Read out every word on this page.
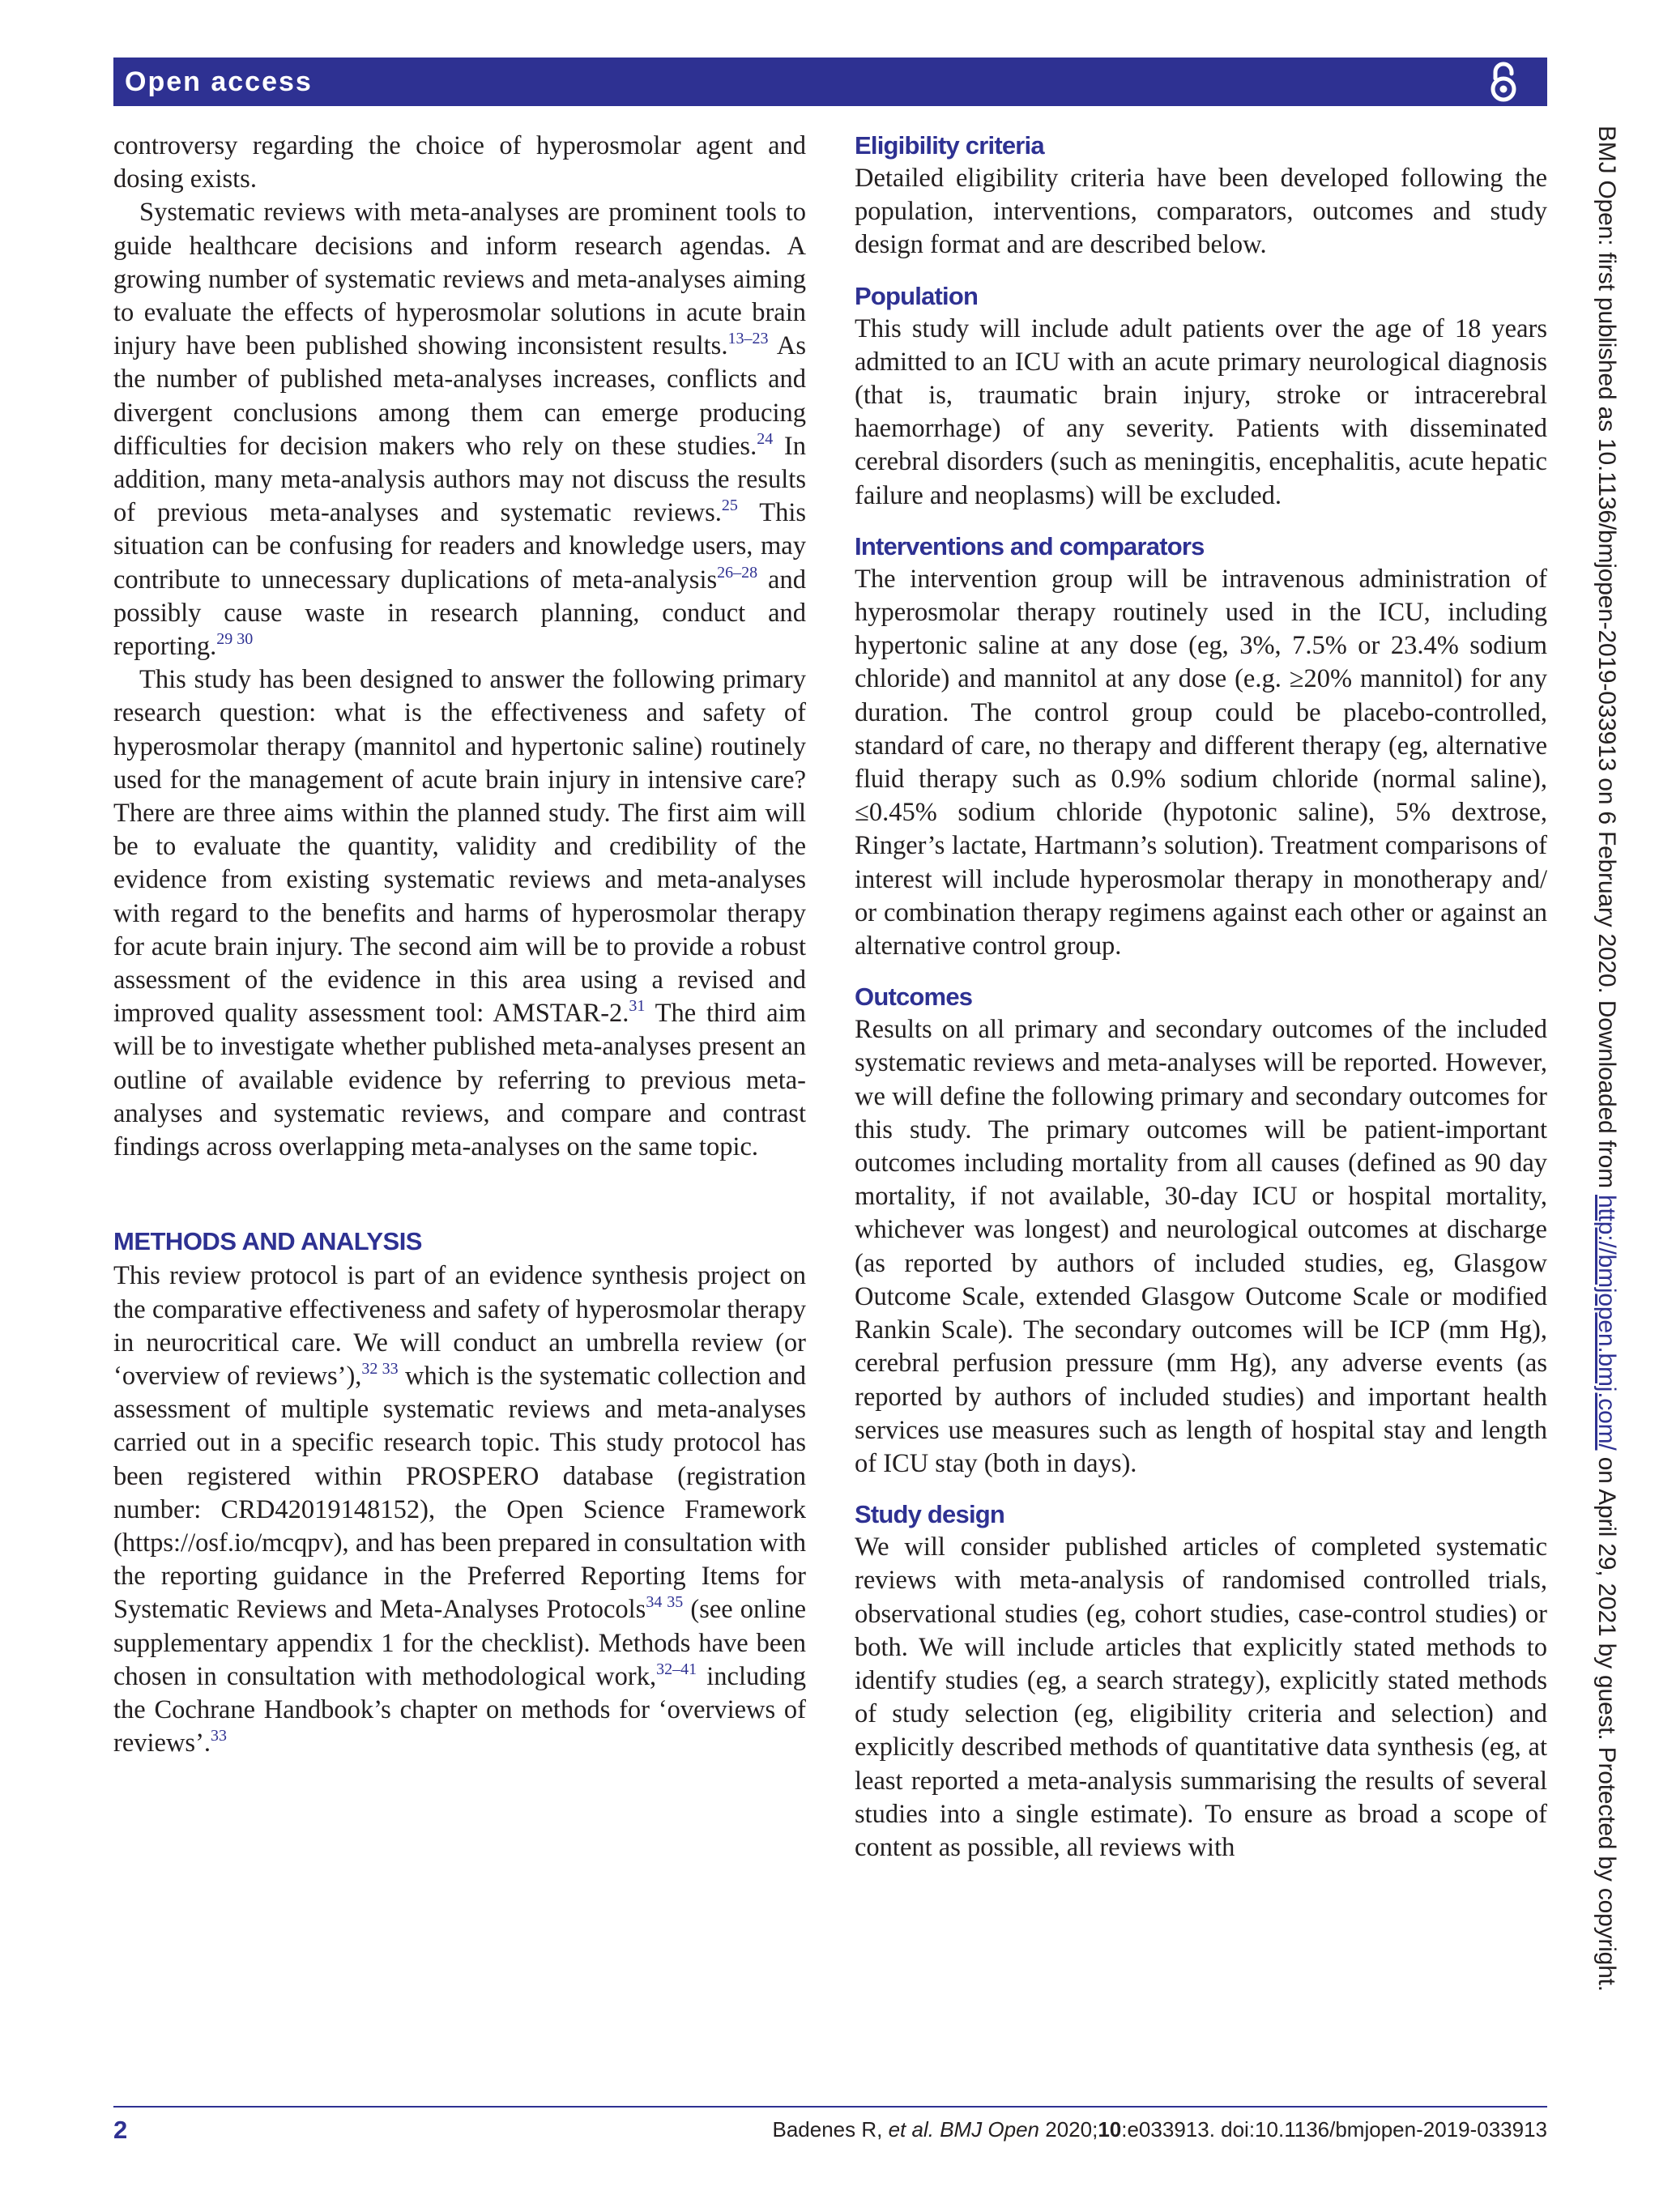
Open access

controversy regarding the choice of hyperosmolar agent and dosing exists.

Systematic reviews with meta-analyses are prominent tools to guide healthcare decisions and inform research agendas. A growing number of systematic reviews and meta-analyses aiming to evaluate the effects of hyperosmolar solutions in acute brain injury have been published showing inconsistent results.$^{13-23}$ As the number of published meta-analyses increases, conflicts and divergent conclusions among them can emerge producing difficulties for decision makers who rely on these studies.$^{24}$ In addition, many meta-analysis authors may not discuss the results of previous meta-analyses and systematic reviews.$^{25}$ This situation can be confusing for readers and knowledge users, may contribute to unnecessary duplications of meta-analysis$^{26-28}$ and possibly cause waste in research planning, conduct and reporting.$^{29 30}$

This study has been designed to answer the following primary research question: what is the effectiveness and safety of hyperosmolar therapy (mannitol and hypertonic saline) routinely used for the management of acute brain injury in intensive care? There are three aims within the planned study. The first aim will be to evaluate the quantity, validity and credibility of the evidence from existing systematic reviews and meta-analyses with regard to the benefits and harms of hyperosmolar therapy for acute brain injury. The second aim will be to provide a robust assessment of the evidence in this area using a revised and improved quality assessment tool: AMSTAR-2.31 The third aim will be to investigate whether published meta-analyses present an outline of available evidence by referring to previous meta-analyses and systematic reviews, and compare and contrast findings across overlapping meta-analyses on the same topic.

METHODS AND ANALYSIS

This review protocol is part of an evidence synthesis project on the comparative effectiveness and safety of hyperosmolar therapy in neurocritical care. We will conduct an umbrella review (or ‘overview of reviews’),$^{32 33}$ which is the systematic collection and assessment of multiple systematic reviews and meta-analyses carried out in a specific research topic. This study protocol has been registered within PROSPERO database (registration number: CRD42019148152), the Open Science Framework (https://osf.io/mcqpv), and has been prepared in consultation with the reporting guidance in the Preferred Reporting Items for Systematic Reviews and Meta-Analyses Protocols$^{34 35}$ (see online supplementary appendix 1 for the checklist). Methods have been chosen in consultation with methodological work,$^{32-41}$ including the Cochrane Handbook’s chapter on methods for ‘overviews of reviews’.$^{33}$

Eligibility criteria

Detailed eligibility criteria have been developed following the population, interventions, comparators, outcomes and study design format and are described below.

Population

This study will include adult patients over the age of 18 years admitted to an ICU with an acute primary neurological diagnosis (that is, traumatic brain injury, stroke or intracerebral haemorrhage) of any severity. Patients with disseminated cerebral disorders (such as meningitis, encephalitis, acute hepatic failure and neoplasms) will be excluded.

Interventions and comparators

The intervention group will be intravenous administration of hyperosmolar therapy routinely used in the ICU, including hypertonic saline at any dose (eg, 3%, 7.5% or 23.4% sodium chloride) and mannitol at any dose (e.g. ≥20% mannitol) for any duration. The control group could be placebo-controlled, standard of care, no therapy and different therapy (eg, alternative fluid therapy such as 0.9% sodium chloride (normal saline), ≤0.45% sodium chloride (hypotonic saline), 5% dextrose, Ringer’s lactate, Hartmann’s solution). Treatment comparisons of interest will include hyperosmolar therapy in monotherapy and/ or combination therapy regimens against each other or against an alternative control group.

Outcomes

Results on all primary and secondary outcomes of the included systematic reviews and meta-analyses will be reported. However, we will define the following primary and secondary outcomes for this study. The primary outcomes will be patient-important outcomes including mortality from all causes (defined as 90 day mortality, if not available, 30-day ICU or hospital mortality, whichever was longest) and neurological outcomes at discharge (as reported by authors of included studies, eg, Glasgow Outcome Scale, extended Glasgow Outcome Scale or modified Rankin Scale). The secondary outcomes will be ICP (mm Hg), cerebral perfusion pressure (mm Hg), any adverse events (as reported by authors of included studies) and important health services use measures such as length of hospital stay and length of ICU stay (both in days).

Study design

We will consider published articles of completed systematic reviews with meta-analysis of randomised controlled trials, observational studies (eg, cohort studies, case-control studies) or both. We will include articles that explicitly stated methods to identify studies (eg, a search strategy), explicitly stated methods of study selection (eg, eligibility criteria and selection) and explicitly described methods of quantitative data synthesis (eg, at least reported a meta-analysis summarising the results of several studies into a single estimate). To ensure as broad a scope of content as possible, all reviews with

BMJ Open: first published as 10.1136/bmjopen-2019-033913 on 6 February 2020. Downloaded from http://bmjopen.bmj.com/ on April 29, 2021 by guest. Protected by copyright.
2	Badenes R, et al. BMJ Open 2020;10:e033913. doi:10.1136/bmjopen-2019-033913
